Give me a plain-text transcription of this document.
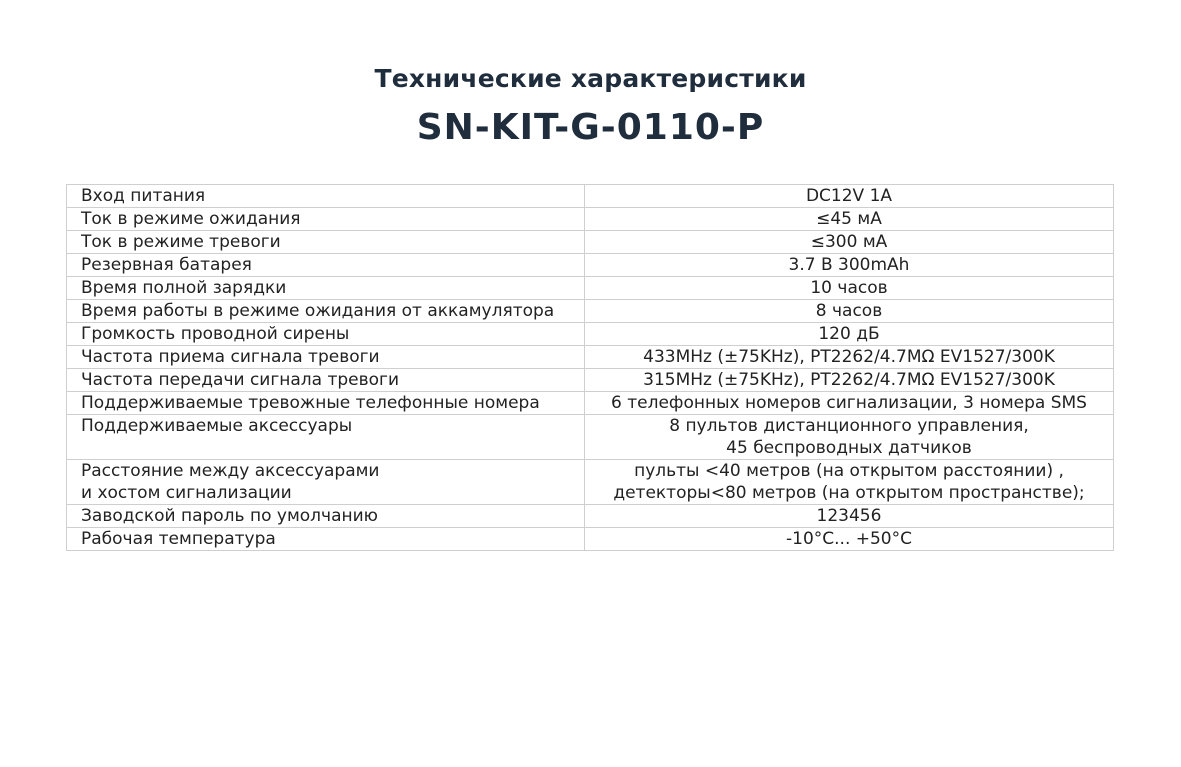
Технические характеристики
SN-KIT-G-0110-P
Вход питания	DC12V 1A

Ток в режиме ожидания	≤45 мА

Ток в режиме тревоги	≤300 мА

Резервная батарея	3.7 В 300mAh

Время полной зарядки	10 часов

Время работы в режиме ожидания от аккамулятора	8 часов

Громкость проводной сирены	120 дБ

Частота приема сигнала тревоги	433MHz (±75KHz), PT2262/4.7MΩ EV1527/300K

Частота передачи сигнала тревоги	315MHz (±75KHz), PT2262/4.7MΩ EV1527/300K

Поддерживаемые тревожные телефонные номера	6 телефонных номеров сигнализации, 3 номера SMS

Поддерживаемые аксессуары	8 пультов дистанционного управления,
45 беспроводных датчиков

Расстояние между аксессуарами
и хостом сигнализации	пульты <40 метров (на открытом расстоянии) ,
детекторы<80 метров (на открытом пространстве);

Заводской пароль по умолчанию	123456

Рабочая температура	-10°C... +50°C
